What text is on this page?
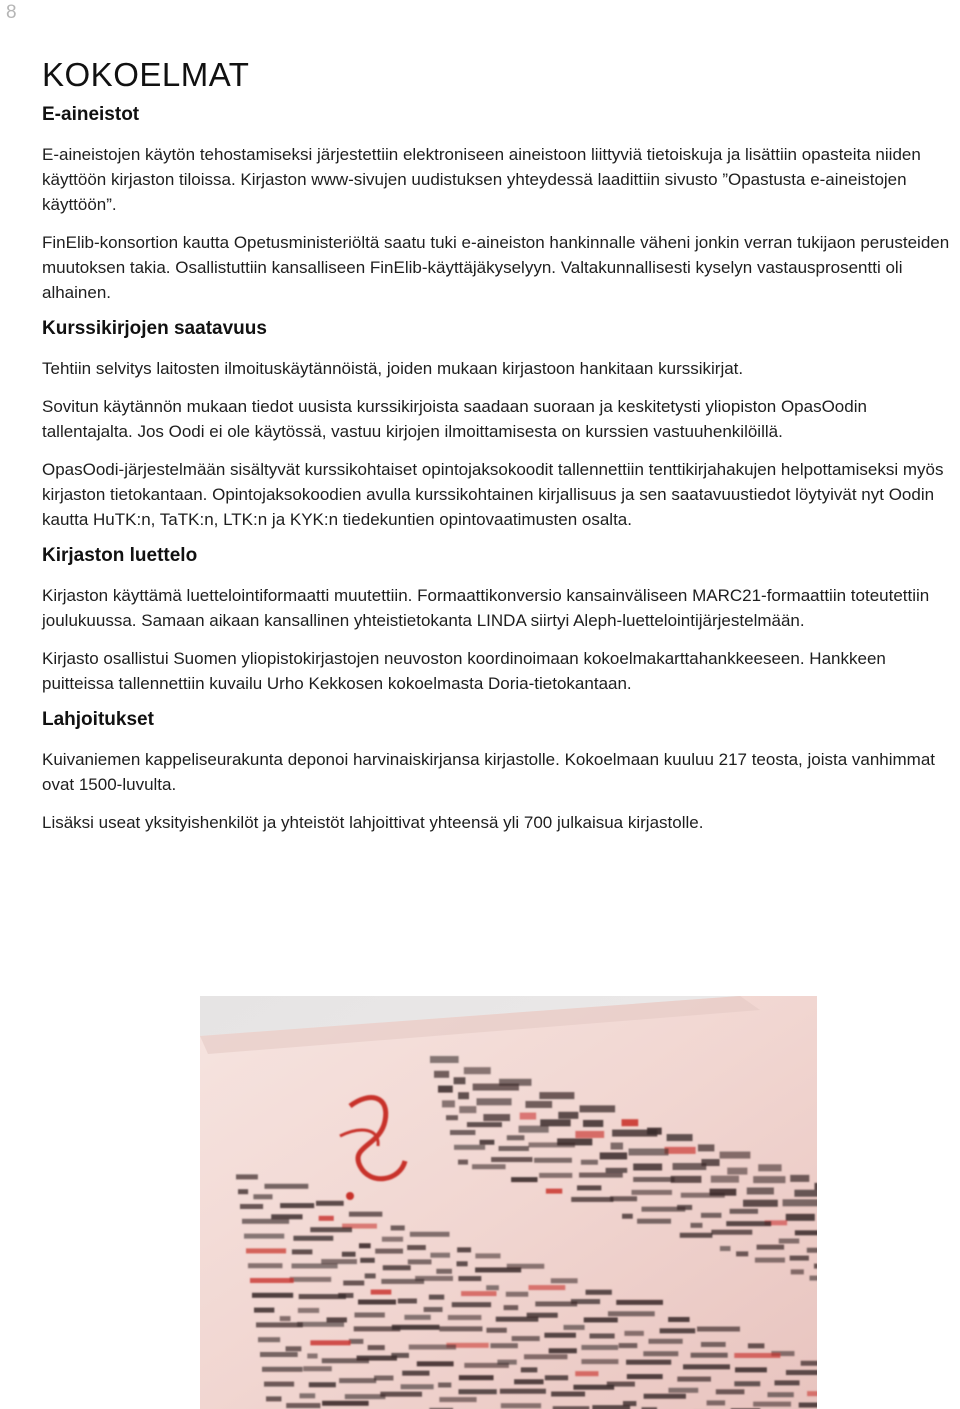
8
KOKOELMAT
E-aineistot

E-aineistojen käytön tehostamiseksi järjestettiin elektroniseen aineistoon liittyviä tietoiskuja ja lisättiin opasteita niiden käyttöön kirjaston tiloissa. Kirjaston www-sivujen uudistuksen yhteydessä laadittiin sivusto ”Opastusta e-aineistojen käyttöön”.

FinElib-konsortion kautta Opetusministeriöltä saatu tuki e-aineiston hankinnalle väheni jonkin verran tukijaon perusteiden muutoksen takia. Osallistuttiin kansalliseen FinElib-käyttäjäkyselyyn. Valtakunnallisesti kyselyn vastausprosentti oli alhainen.

Kurssikirjojen saatavuus

Tehtiin selvitys laitosten ilmoituskäytännöistä, joiden mukaan kirjastoon hankitaan kurssikirjat.

Sovitun käytännön mukaan tiedot uusista kurssikirjoista saadaan suoraan ja keskitetysti yliopiston OpasOodin tallentajalta. Jos Oodi ei ole käytössä, vastuu kirjojen ilmoittamisesta on kurssien vastuuhenkilöillä.

OpasOodi-järjestelmään sisältyvät kurssikohtaiset opintojaksokoodit tallennettiin tenttikirjahakujen helpottamiseksi myös kirjaston tietokantaan. Opintojaksokoodien avulla kurssikohtainen kirjallisuus ja sen saatavuustiedot löytyivät nyt Oodin kautta HuTK:n, TaTK:n, LTK:n ja KYK:n tiedekuntien opintovaatimusten osalta.

Kirjaston luettelo

Kirjaston käyttämä luettelointiformaatti muutettiin. Formaattikonversio kansainväliseen MARC21-formaattiin toteutettiin joulukuussa. Samaan aikaan kansallinen yhteistietokanta LINDA siirtyi Aleph-luettelointijärjestelmään.

Kirjasto osallistui Suomen yliopistokirjastojen neuvoston koordinoimaan kokoelmakarttahankkeeseen. Hankkeen puitteissa tallennettiin kuvailu Urho Kekkosen kokoelmasta Doria-tietokantaan.

Lahjoitukset

Kuivaniemen kappeliseurakunta deponoi harvinaiskirjansa kirjastolle. Kokoelmaan kuuluu 217 teosta, joista vanhimmat ovat 1500-luvulta.

Lisäksi useat yksityishenkilöt ja yhteistöt lahjoittivat yhteensä yli 700 julkaisua kirjastolle.
